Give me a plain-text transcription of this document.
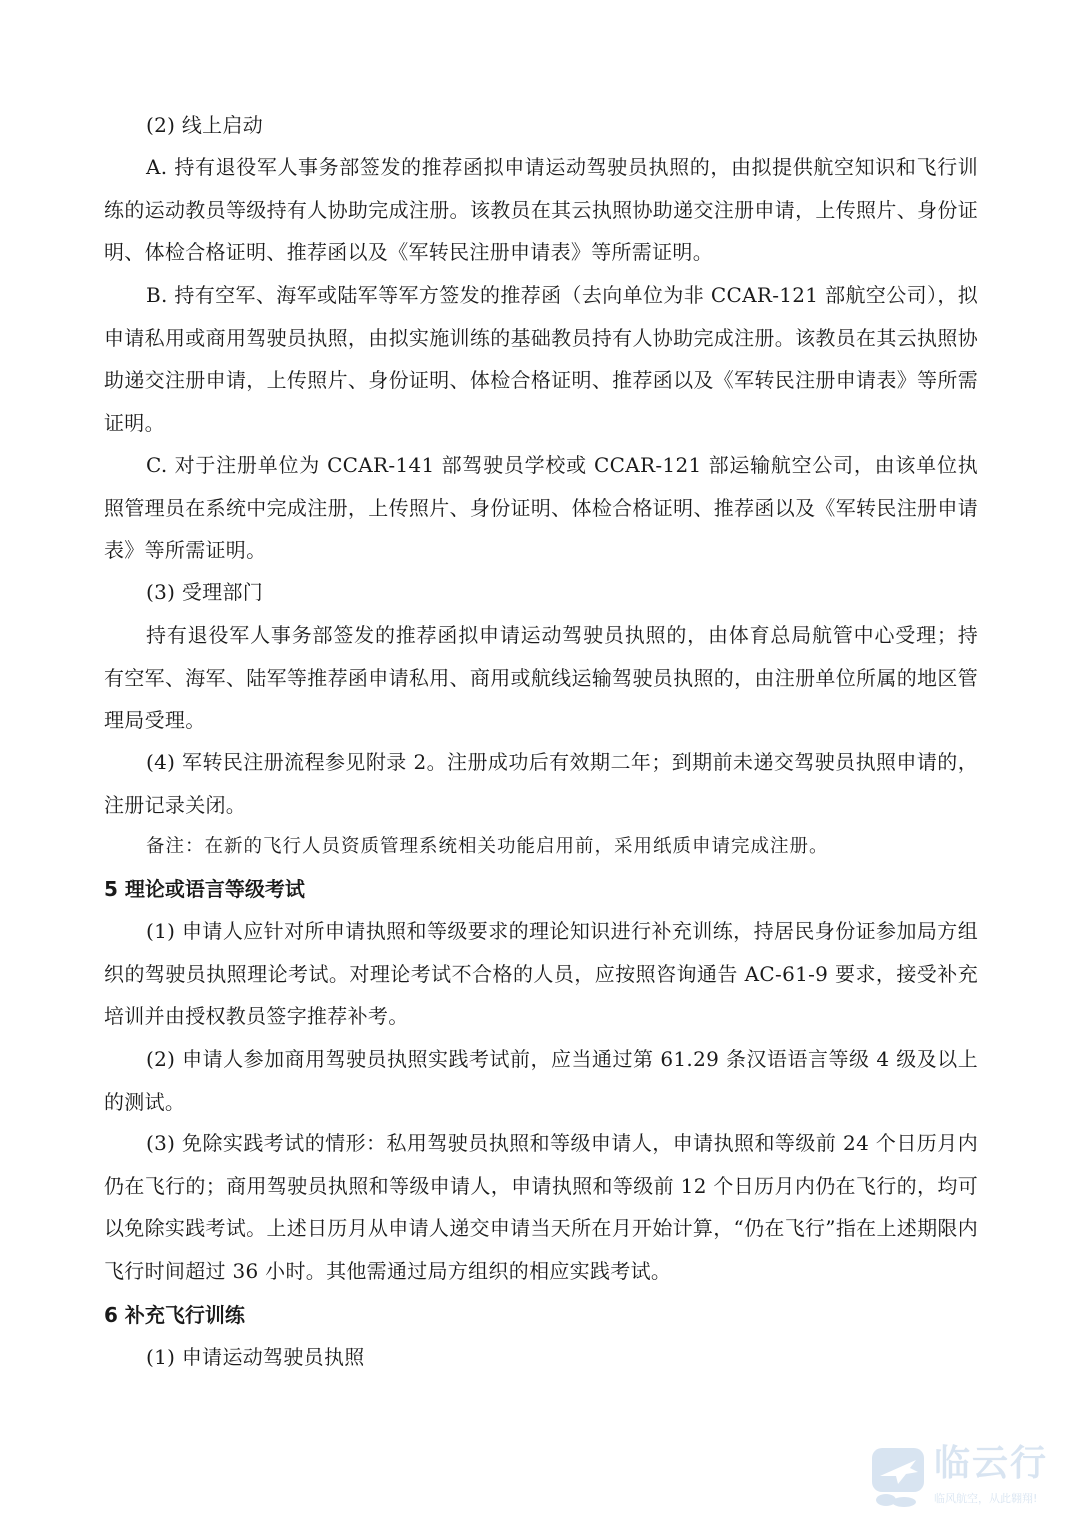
(2) 线上启动

A. 持有退役军人事务部签发的推荐函拟申请运动驾驶员执照的，由拟提供航空知识和飞行训练的运动教员等级持有人协助完成注册。该教员在其云执照协助递交注册申请，上传照片、身份证明、体检合格证明、推荐函以及《军转民注册申请表》等所需证明。

B. 持有空军、海军或陆军等军方签发的推荐函（去向单位为非 CCAR-121 部航空公司），拟申请私用或商用驾驶员执照，由拟实施训练的基础教员持有人协助完成注册。该教员在其云执照协助递交注册申请，上传照片、身份证明、体检合格证明、推荐函以及《军转民注册申请表》等所需证明。

C. 对于注册单位为 CCAR-141 部驾驶员学校或 CCAR-121 部运输航空公司，由该单位执照管理员在系统中完成注册，上传照片、身份证明、体检合格证明、推荐函以及《军转民注册申请表》等所需证明。

(3) 受理部门

持有退役军人事务部签发的推荐函拟申请运动驾驶员执照的，由体育总局航管中心受理；持有空军、海军、陆军等推荐函申请私用、商用或航线运输驾驶员执照的，由注册单位所属的地区管理局受理。

(4) 军转民注册流程参见附录 2。注册成功后有效期二年；到期前未递交驾驶员执照申请的，注册记录关闭。

备注：在新的飞行人员资质管理系统相关功能启用前，采用纸质申请完成注册。

5 理论或语言等级考试

(1) 申请人应针对所申请执照和等级要求的理论知识进行补充训练，持居民身份证参加局方组织的驾驶员执照理论考试。对理论考试不合格的人员，应按照咨询通告 AC-61-9 要求，接受补充培训并由授权教员签字推荐补考。

(2) 申请人参加商用驾驶员执照实践考试前，应当通过第 61.29 条汉语语言等级 4 级及以上的测试。

(3) 免除实践考试的情形：私用驾驶员执照和等级申请人，申请执照和等级前 24 个日历月内仍在飞行的；商用驾驶员执照和等级申请人，申请执照和等级前 12 个日历月内仍在飞行的，均可以免除实践考试。上述日历月从申请人递交申请当天所在月开始计算，“仍在飞行”指在上述期限内飞行时间超过 36 小时。其他需通过局方组织的相应实践考试。

6 补充飞行训练

(1) 申请运动驾驶员执照

临云行
临风航空，从此翱翔!
